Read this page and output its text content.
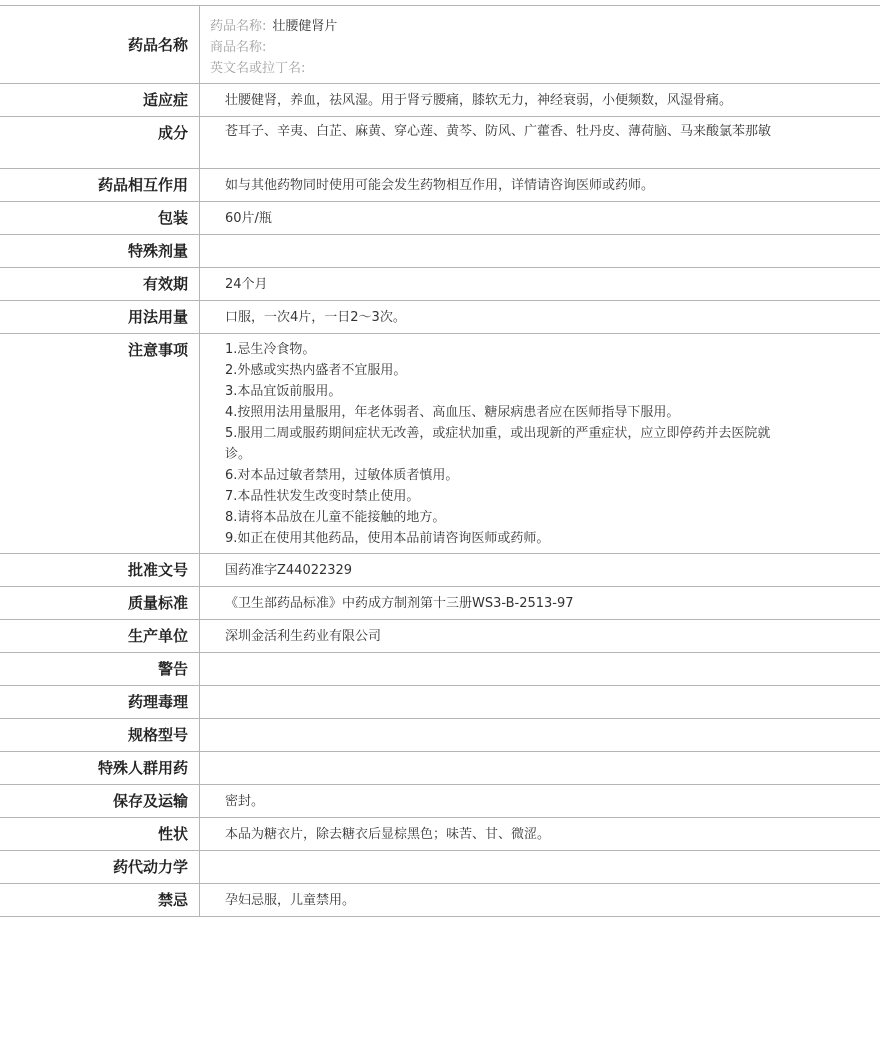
药品名称
药品名称: 壮腰健肾片
商品名称:
英文名或拉丁名:
适应症	壮腰健肾，养血，祛风湿。用于肾亏腰痛，膝软无力，神经衰弱，小便频数，风湿骨痛。
成分	苍耳子、辛夷、白芷、麻黄、穿心莲、黄芩、防风、广藿香、牡丹皮、薄荷脑、马来酸氯苯那敏
药品相互作用	如与其他药物同时使用可能会发生药物相互作用，详情请咨询医师或药师。
包装	60片/瓶
特殊剂量
有效期	24个月
用法用量	口服，一次4片，一日2～3次。
注意事项	1.忌生冷食物。
2.外感或实热内盛者不宜服用。
3.本品宜饭前服用。
4.按照用法用量服用，年老体弱者、高血压、糖尿病患者应在医师指导下服用。
5.服用二周或服药期间症状无改善，或症状加重，或出现新的严重症状，应立即停药并去医院就诊。
6.对本品过敏者禁用，过敏体质者慎用。
7.本品性状发生改变时禁止使用。
8.请将本品放在儿童不能接触的地方。
9.如正在使用其他药品，使用本品前请咨询医师或药师。
批准文号	国药准字Z44022329
质量标准	《卫生部药品标准》中药成方制剂第十三册WS3-B-2513-97
生产单位	深圳金活利生药业有限公司
警告
药理毒理
规格型号
特殊人群用药
保存及运输	密封。
性状	本品为糖衣片，除去糖衣后显棕黑色；味苦、甘、微涩。
药代动力学
禁忌	孕妇忌服，儿童禁用。
